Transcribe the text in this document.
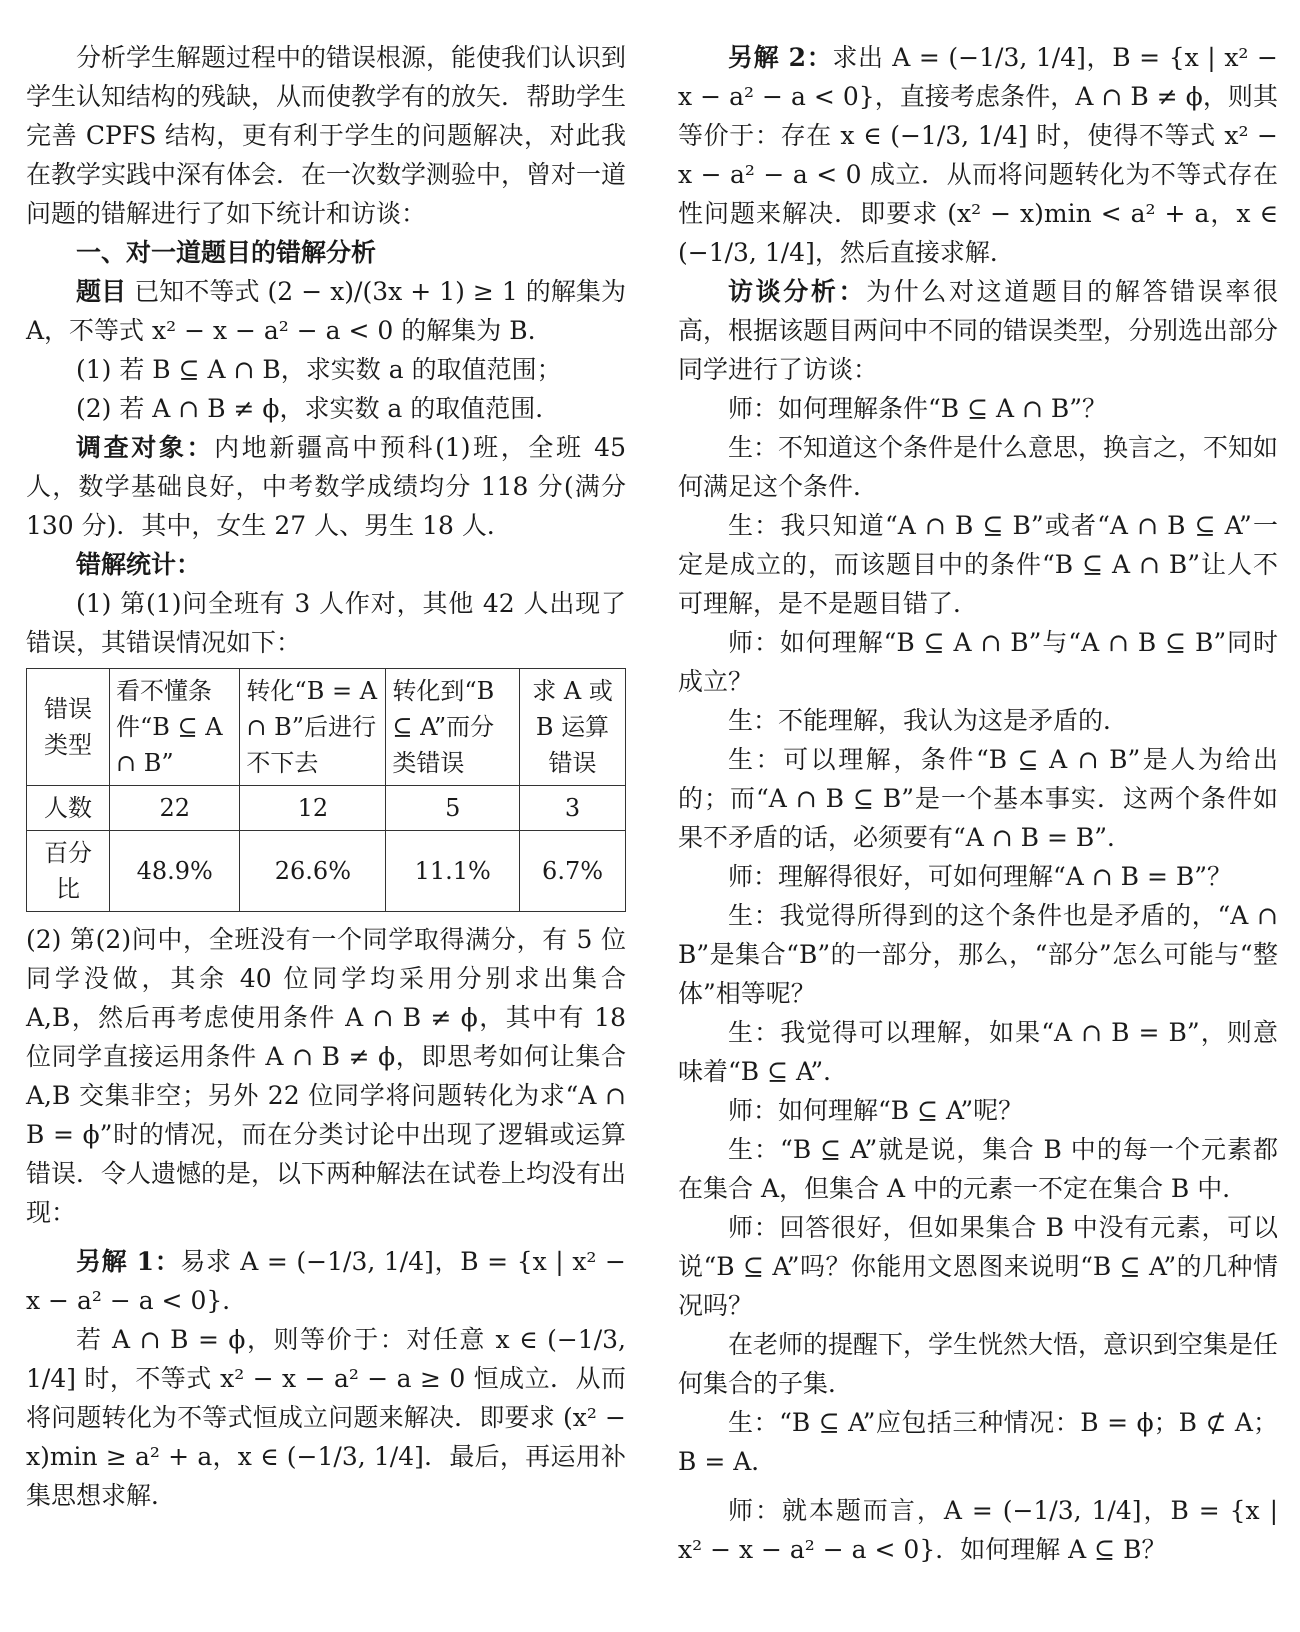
分析学生解题过程中的错误根源，能使我们认识到学生认知结构的残缺，从而使教学有的放矢．帮助学生完善 CPFS 结构，更有利于学生的问题解决，对此我在教学实践中深有体会．在一次数学测验中，曾对一道问题的错解进行了如下统计和访谈：

一、对一道题目的错解分析

题目 已知不等式 (2 − x)/(3x + 1) ≥ 1 的解集为 A，不等式 x² − x − a² − a < 0 的解集为 B.

(1) 若 B ⊆ A ∩ B，求实数 a 的取值范围；

(2) 若 A ∩ B ≠ ϕ，求实数 a 的取值范围．

调查对象：内地新疆高中预科(1)班，全班 45 人，数学基础良好，中考数学成绩均分 118 分(满分 130 分)．其中，女生 27 人、男生 18 人．

错解统计：

(1) 第(1)问全班有 3 人作对，其他 42 人出现了错误，其错误情况如下：

错误类型	看不懂条件“B ⊆ A ∩ B”	转化“B = A ∩ B”后进行不下去	转化到“B ⊆ A”而分类错误	求 A 或 B 运算错误
人数	22	12	5	3
百分比	48.9%	26.6%	11.1%	6.7%

(2) 第(2)问中，全班没有一个同学取得满分，有 5 位同学没做，其余 40 位同学均采用分别求出集合 A,B，然后再考虑使用条件 A ∩ B ≠ ϕ，其中有 18 位同学直接运用条件 A ∩ B ≠ ϕ，即思考如何让集合 A,B 交集非空；另外 22 位同学将问题转化为求“A ∩ B = ϕ”时的情况，而在分类讨论中出现了逻辑或运算错误．令人遗憾的是，以下两种解法在试卷上均没有出现：

另解 1：易求 A = (−1/3, 1/4]，B = {x | x² − x − a² − a < 0}．

若 A ∩ B = ϕ，则等价于：对任意 x ∈ (−1/3, 1/4] 时，不等式 x² − x − a² − a ≥ 0 恒成立．从而将问题转化为不等式恒成立问题来解决．即要求 (x² − x)min ≥ a² + a，x ∈ (−1/3, 1/4]．最后，再运用补集思想求解．

另解 2：求出 A = (−1/3, 1/4]，B = {x | x² − x − a² − a < 0}，直接考虑条件，A ∩ B ≠ ϕ，则其等价于：存在 x ∈ (−1/3, 1/4] 时，使得不等式 x² − x − a² − a < 0 成立．从而将问题转化为不等式存在性问题来解决．即要求 (x² − x)min < a² + a，x ∈ (−1/3, 1/4]，然后直接求解．

访谈分析：为什么对这道题目的解答错误率很高，根据该题目两问中不同的错误类型，分别选出部分同学进行了访谈：

师：如何理解条件“B ⊆ A ∩ B”？

生：不知道这个条件是什么意思，换言之，不知如何满足这个条件．

生：我只知道“A ∩ B ⊆ B”或者“A ∩ B ⊆ A”一定是成立的，而该题目中的条件“B ⊆ A ∩ B”让人不可理解，是不是题目错了．

师：如何理解“B ⊆ A ∩ B”与“A ∩ B ⊆ B”同时成立？

生：不能理解，我认为这是矛盾的．

生：可以理解，条件“B ⊆ A ∩ B”是人为给出的；而“A ∩ B ⊆ B”是一个基本事实．这两个条件如果不矛盾的话，必须要有“A ∩ B = B”．

师：理解得很好，可如何理解“A ∩ B = B”？

生：我觉得所得到的这个条件也是矛盾的，“A ∩ B”是集合“B”的一部分，那么，“部分”怎么可能与“整体”相等呢？

生：我觉得可以理解，如果“A ∩ B = B”，则意味着“B ⊆ A”．

师：如何理解“B ⊆ A”呢？

生：“B ⊆ A”就是说，集合 B 中的每一个元素都在集合 A，但集合 A 中的元素一不定在集合 B 中．

师：回答很好，但如果集合 B 中没有元素，可以说“B ⊆ A”吗？你能用文恩图来说明“B ⊆ A”的几种情况吗？

在老师的提醒下，学生恍然大悟，意识到空集是任何集合的子集．

生：“B ⊆ A”应包括三种情况：B = ϕ；B ⊄ A；B = A．

师：就本题而言，A = (−1/3, 1/4]，B = {x | x² − x − a² − a < 0}．如何理解 A ⊆ B？
